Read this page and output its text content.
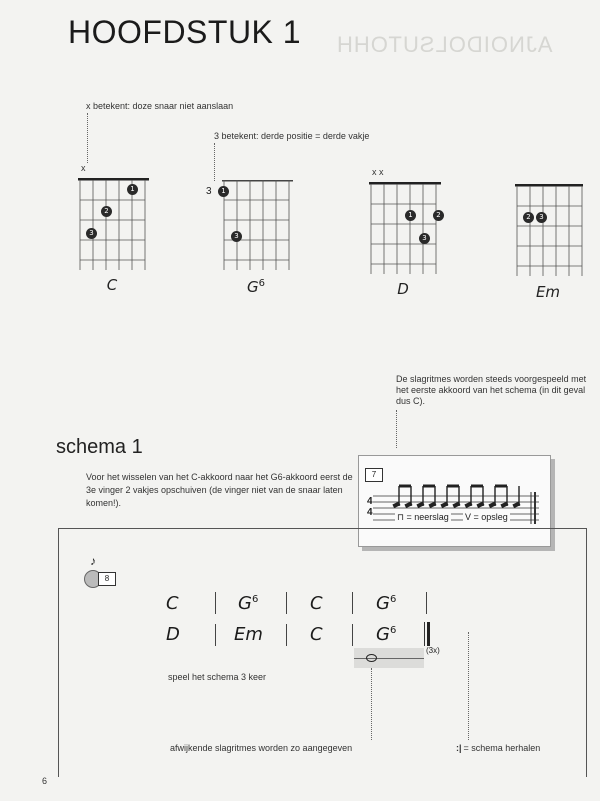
HOOFDSTUK 1 AJNOIDOLSUTOHH
x betekent: doze snaar niet aanslaan
3 betekent: derde positie = derde vakje
x
3
x x
1
2
3
1
3
1	2
3
2	3
C	$G^6$	D	Em
De slagritmes worden steeds voorgespeeld met het eerste akkoord van het schema (in dit geval dus C).
schema 1
Voor het wisselen van het C-akkoord naar het G6-akkoord eerst de 3e vinger 2 vakjes opschuiven (de vinger niet van de snaar laten komen!).
7
4
4	⊓ = neerslag V = opsleg
♪
8
C	$G^6$	C	$G^6$
D	Em	C	$G^6$
(3x)
speel het schema 3 keer
afwijkende slagritmes worden zo aangegeven	:| = schema herhalen
6
